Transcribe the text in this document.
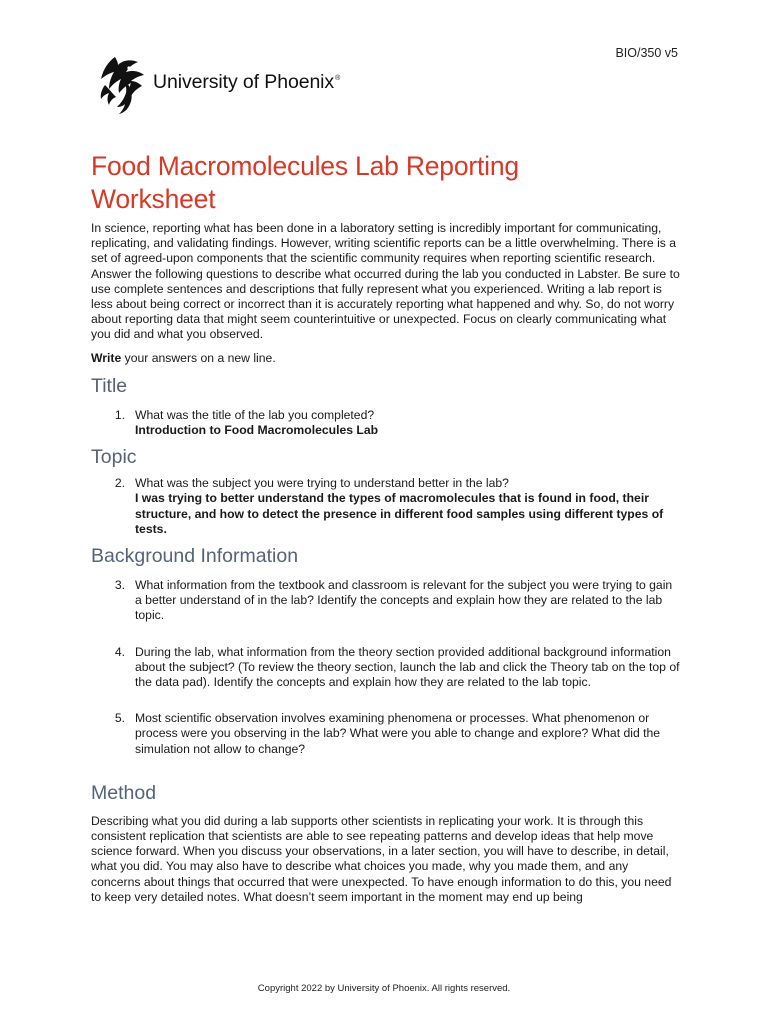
BIO/350 v5
University of Phoenix®
Food Macromolecules Lab Reporting
Worksheet

In science, reporting what has been done in a laboratory setting is incredibly important for communicating, replicating, and validating findings. However, writing scientific reports can be a little overwhelming. There is a set of agreed-upon components that the scientific community requires when reporting scientific research. Answer the following questions to describe what occurred during the lab you conducted in Labster. Be sure to use complete sentences and descriptions that fully represent what you experienced. Writing a lab report is less about being correct or incorrect than it is accurately reporting what happened and why. So, do not worry about reporting data that might seem counterintuitive or unexpected. Focus on clearly communicating what you did and what you observed.

Write your answers on a new line.

Title
1. What was the title of the lab you completed?
Introduction to Food Macromolecules Lab
Topic
2. What was the subject you were trying to understand better in the lab?
I was trying to better understand the types of macromolecules that is found in food, their structure, and how to detect the presence in different food samples using different types of tests.
Background Information
3. What information from the textbook and classroom is relevant for the subject you were trying to gain a better understand of in the lab? Identify the concepts and explain how they are related to the lab topic.
4. During the lab, what information from the theory section provided additional background information about the subject? (To review the theory section, launch the lab and click the Theory tab on the top of the data pad). Identify the concepts and explain how they are related to the lab topic.
5. Most scientific observation involves examining phenomena or processes. What phenomenon or process were you observing in the lab? What were you able to change and explore? What did the simulation not allow to change?
Method

Describing what you did during a lab supports other scientists in replicating your work. It is through this consistent replication that scientists are able to see repeating patterns and develop ideas that help move science forward. When you discuss your observations, in a later section, you will have to describe, in detail, what you did. You may also have to describe what choices you made, why you made them, and any concerns about things that occurred that were unexpected. To have enough information to do this, you need to keep very detailed notes. What doesn’t seem important in the moment may end up being

Copyright 2022 by University of Phoenix. All rights reserved.
